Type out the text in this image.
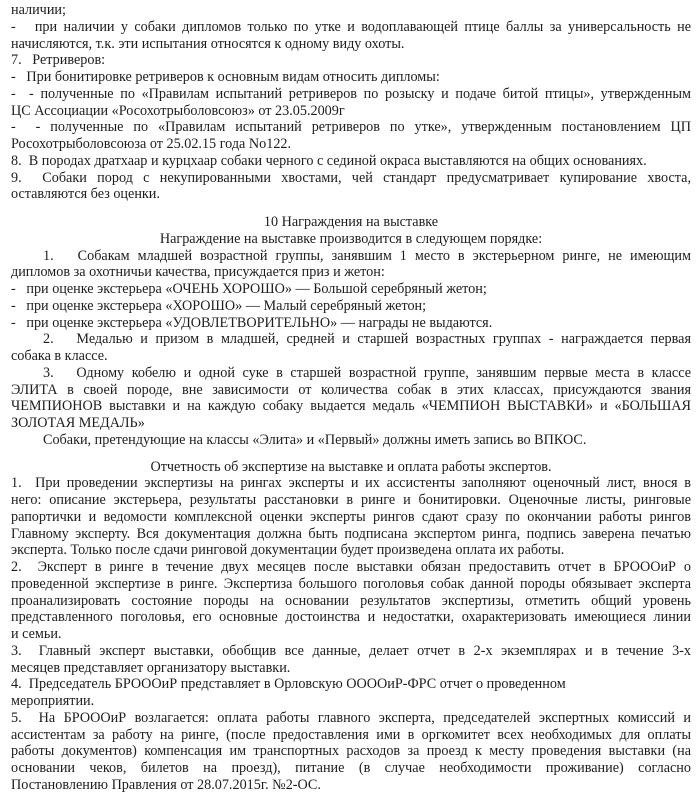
наличии;
-   при наличии у собаки дипломов только по утке и водоплавающей птице баллы за универсальность не
начисляются, т.к. эти испытания относятся к одному виду охоты.
7.   Ретриверов:
-   При бонитировке ретриверов к основным видам относить дипломы:
-  - полученные по «Правилам испытаний ретриверов по розыску и подаче битой птицы», утвержденным
ЦС Ассоциации «Росохотрыболовсоюз» от 23.05.2009г
-  - полученные по «Правилам испытаний ретриверов по утке», утвержденным постановлением ЦП
Росохотрыболовсоюза от 25.02.15 года No122.
8.  В породах дратхаар и курцхаар собаки черного с сединой окраса выставляются на общих основаниях.
9.  Собаки пород с некупированными хвостами, чей стандарт предусматривает купирование хвоста,
оставляются без оценки.
10 Награждения на выставке
Награждение на выставке производится в следующем порядке:
1.   Собакам младшей возрастной группы, занявшим 1 место в экстерьерном ринге, не имеющим
дипломов за охотничьи качества, присуждается приз и жетон:
-   при оценке экстерьера «ОЧЕНЬ ХОРОШО» — Большой серебряный жетон;
-   при оценке экстерьера «ХОРОШО» — Малый серебряный жетон;
-   при оценке экстерьера «УДОВЛЕТВОРИТЕЛЬНО» — награды не выдаются.
2.   Медалью и призом в младшей, средней и старшей возрастных группах - награждается первая
собака в классе.
3.   Одному кобелю и одной суке в старшей возрастной группе, занявшим первые места в классе
ЭЛИТА в своей породе, вне зависимости от количества собак в этих классах, присуждаются звания
ЧЕМПИОНОВ выставки и на каждую собаку выдается медаль «ЧЕМПИОН ВЫСТАВКИ» и «БОЛЬШАЯ
ЗОЛОТАЯ МЕДАЛЬ»
Собаки, претендующие на классы «Элита» и «Первый» должны иметь запись во ВПКОС.
Отчетность об экспертизе на выставке и оплата работы экспертов.
1.  При проведении экспертизы на рингах эксперты и их ассистенты заполняют оценочный лист, внося в
него: описание экстерьера, результаты расстановки в ринге и бонитировки. Оценочные листы, ринговые
рапортички и ведомости комплексной оценки эксперты рингов сдают сразу по окончании работы рингов
Главному эксперту. Вся документация должна быть подписана экспертом ринга, подпись заверена печатью
эксперта. Только после сдачи ринговой документации будет произведена оплата их работы.
2.  Эксперт в ринге в течение двух месяцев после выставки обязан предоставить отчет в БРОООиР о
проведенной экспертизе в ринге. Экспертиза большого поголовья собак данной породы обязывает эксперта
проанализировать состояние породы на основании результатов экспертизы, отметить общий уровень
представленного поголовья, его основные достоинства и недостатки, охарактеризовать имеющиеся линии
и семьи.
3.  Главный эксперт выставки, обобщив все данные, делает отчет в 2-х экземплярах и в течение 3-х
месяцев представляет организатору выставки.
4.  Председатель БРОООиР представляет в Орловскую ООООиР-ФРС отчет о проведенном
мероприятии.
5.  На БРОООиР возлагается: оплата работы главного эксперта, председателей экспертных комиссий и
ассистентам за работу на ринге, (после предоставления ими в оргкомитет всех необходимых для оплаты
работы документов) компенсация им транспортных расходов за проезд к месту проведения выставки (на
основании чеков, билетов на проезд), питание (в случае необходимости проживание) согласно
Постановлению Правления от 28.07.2015г. №2-ОС.
